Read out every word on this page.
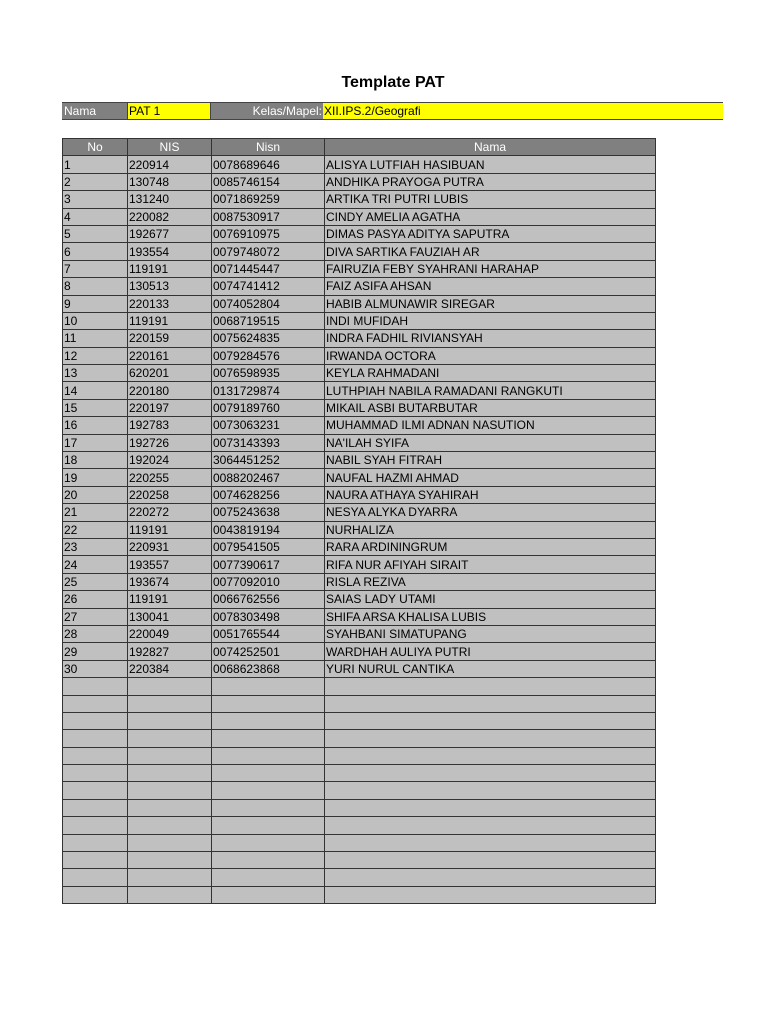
Template PAT
Nama	PAT 1	Kelas/Mapel: XII.IPS.2/Geografi
No	NIS	Nisn	Nama
1	220914	0078689646	ALISYA LUTFIAH HASIBUAN
2	130748	0085746154	ANDHIKA PRAYOGA PUTRA
3	131240	0071869259	ARTIKA TRI PUTRI LUBIS
4	220082	0087530917	CINDY AMELIA AGATHA
5	192677	0076910975	DIMAS PASYA ADITYA SAPUTRA
6	193554	0079748072	DIVA SARTIKA FAUZIAH AR
7	119191	0071445447	FAIRUZIA FEBY SYAHRANI HARAHAP
8	130513	0074741412	FAIZ ASIFA AHSAN
9	220133	0074052804	HABIB ALMUNAWIR SIREGAR
10	119191	0068719515	INDI MUFIDAH
11	220159	0075624835	INDRA FADHIL RIVIANSYAH
12	220161	0079284576	IRWANDA OCTORA
13	620201	0076598935	KEYLA RAHMADANI
14	220180	0131729874	LUTHPIAH NABILA RAMADANI RANGKUTI
15	220197	0079189760	MIKAIL ASBI BUTARBUTAR
16	192783	0073063231	MUHAMMAD ILMI ADNAN NASUTION
17	192726	0073143393	NA'ILAH SYIFA
18	192024	3064451252	NABIL SYAH FITRAH
19	220255	0088202467	NAUFAL HAZMI AHMAD
20	220258	0074628256	NAURA ATHAYA SYAHIRAH
21	220272	0075243638	NESYA ALYKA DYARRA
22	119191	0043819194	NURHALIZA
23	220931	0079541505	RARA ARDININGRUM
24	193557	0077390617	RIFA NUR AFIYAH SIRAIT
25	193674	0077092010	RISLA REZIVA
26	119191	0066762556	SAIAS LADY UTAMI
27	130041	0078303498	SHIFA ARSA KHALISA LUBIS
28	220049	0051765544	SYAHBANI SIMATUPANG
29	192827	0074252501	WARDHAH AULIYA PUTRI
30	220384	0068623868	YURI NURUL CANTIKA
